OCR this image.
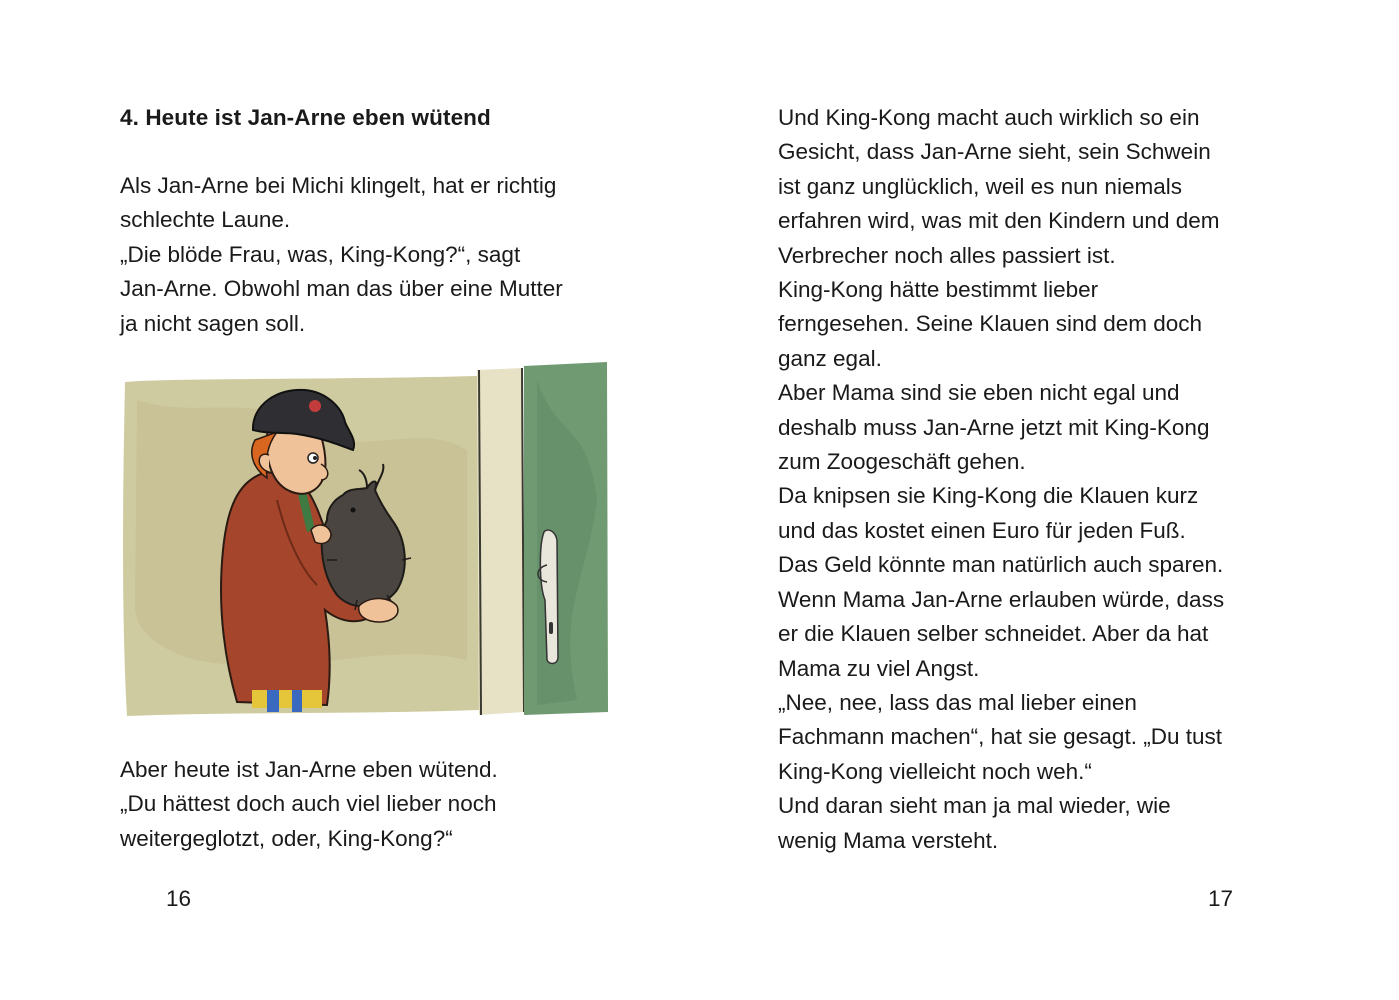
4. Heute ist Jan-Arne eben wütend

Als Jan-Arne bei Michi klingelt, hat er richtig
schlechte Laune.
„Die blöde Frau, was, King-Kong?“, sagt
Jan-Arne. Obwohl man das über eine Mutter
ja nicht sagen soll.

Aber heute ist Jan-Arne eben wütend.
„Du hättest doch auch viel lieber noch
weitergeglotzt, oder, King-Kong?“

16

Und King-Kong macht auch wirklich so ein
Gesicht, dass Jan-Arne sieht, sein Schwein
ist ganz unglücklich, weil es nun niemals
erfahren wird, was mit den Kindern und dem
Verbrecher noch alles passiert ist.
King-Kong hätte bestimmt lieber
ferngesehen. Seine Klauen sind dem doch
ganz egal.
Aber Mama sind sie eben nicht egal und
deshalb muss Jan-Arne jetzt mit King-Kong
zum Zoogeschäft gehen.
Da knipsen sie King-Kong die Klauen kurz
und das kostet einen Euro für jeden Fuß.
Das Geld könnte man natürlich auch sparen.
Wenn Mama Jan-Arne erlauben würde, dass
er die Klauen selber schneidet. Aber da hat
Mama zu viel Angst.
„Nee, nee, lass das mal lieber einen
Fachmann machen“, hat sie gesagt. „Du tust
King-Kong vielleicht noch weh.“
Und daran sieht man ja mal wieder, wie
wenig Mama versteht.

17
